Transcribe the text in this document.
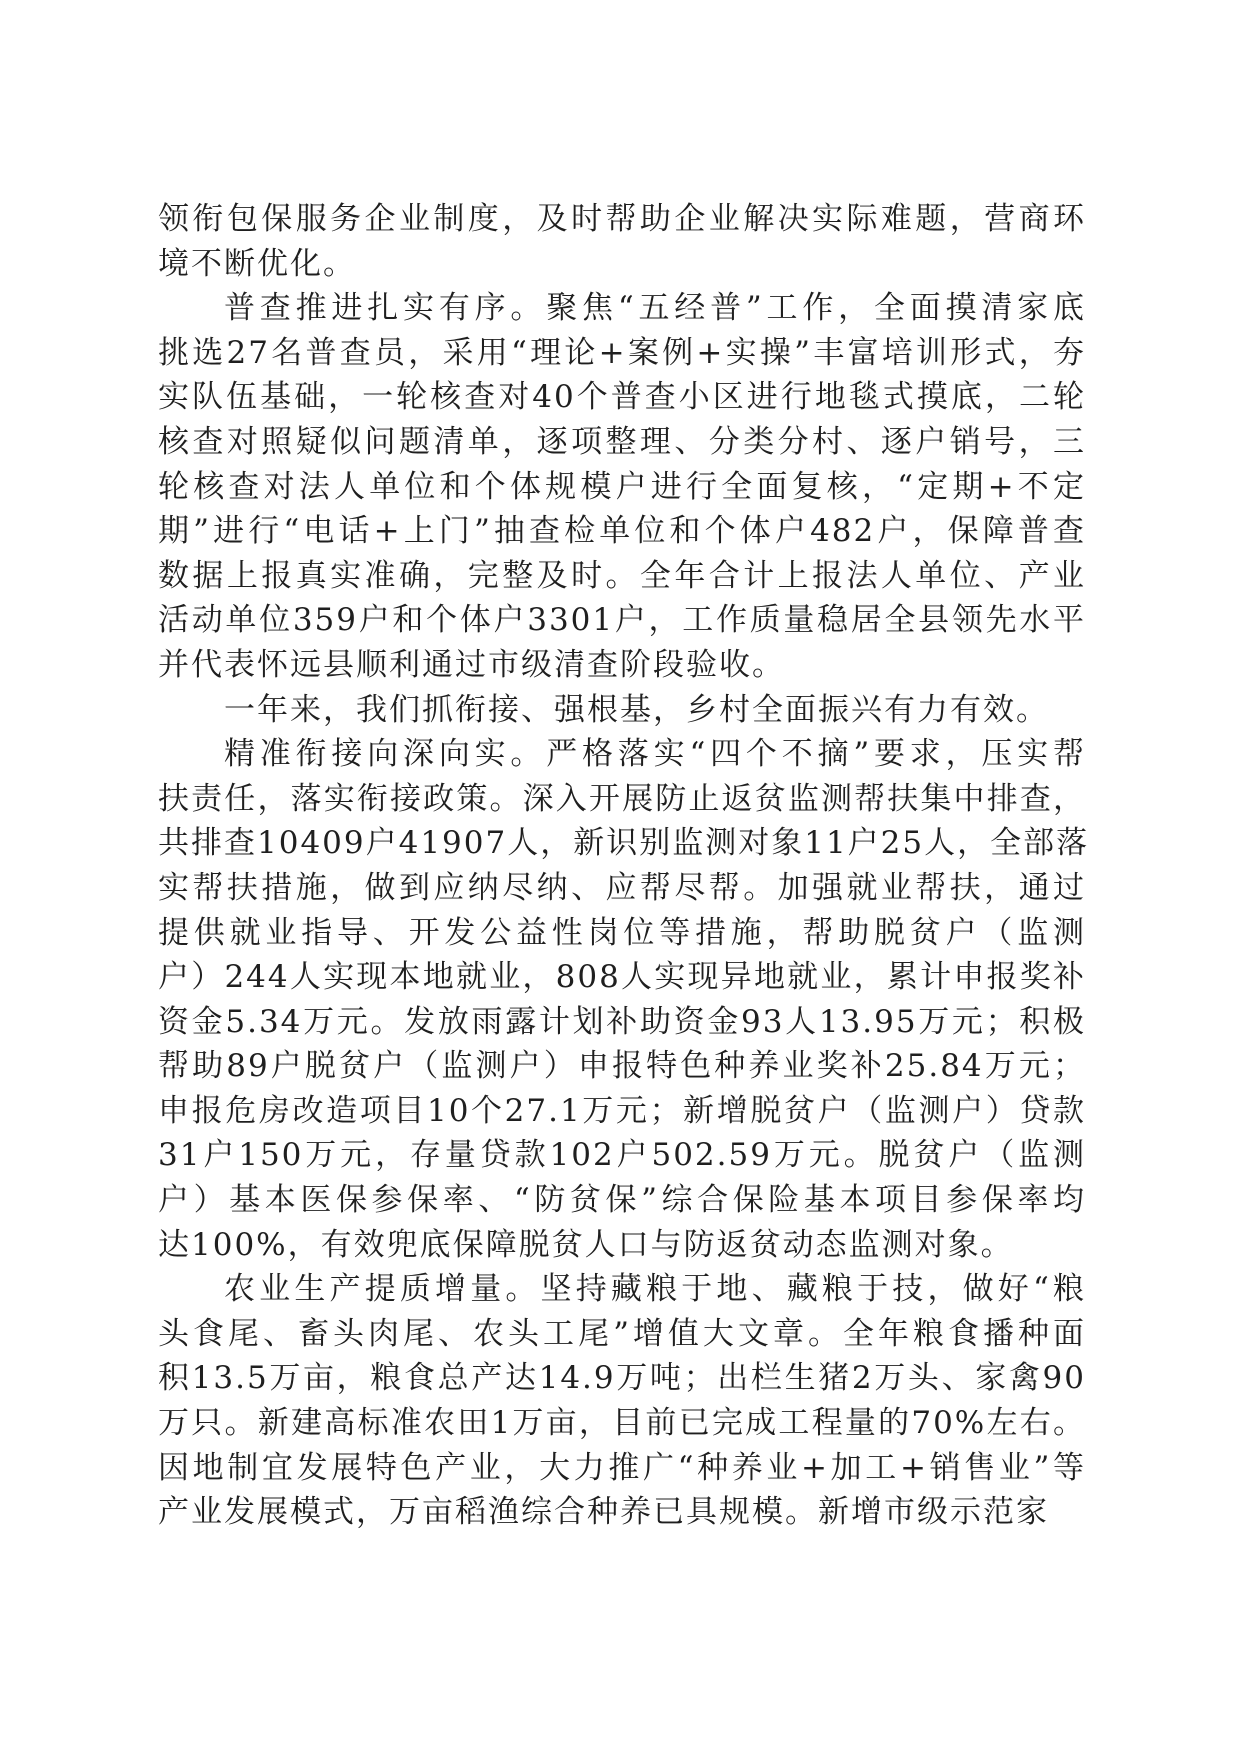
领衔包保服务企业制度，及时帮助企业解决实际难题，营商环
境不断优化。
普查推进扎实有序。聚焦“五经普”工作，全面摸清家底
挑选27名普查员，采用“理论+案例+实操”丰富培训形式，夯
实队伍基础，一轮核查对40个普查小区进行地毯式摸底，二轮
核查对照疑似问题清单，逐项整理、分类分村、逐户销号，三
轮核查对法人单位和个体规模户进行全面复核，“定期+不定
期”进行“电话+上门”抽查检单位和个体户482户，保障普查
数据上报真实准确，完整及时。全年合计上报法人单位、产业
活动单位359户和个体户3301户，工作质量稳居全县领先水平
并代表怀远县顺利通过市级清查阶段验收。
一年来，我们抓衔接、强根基，乡村全面振兴有力有效。
精准衔接向深向实。严格落实“四个不摘”要求，压实帮
扶责任，落实衔接政策。深入开展防止返贫监测帮扶集中排查，
共排查10409户41907人，新识别监测对象11户25人，全部落
实帮扶措施，做到应纳尽纳、应帮尽帮。加强就业帮扶，通过
提供就业指导、开发公益性岗位等措施，帮助脱贫户（监测
户）244人实现本地就业，808人实现异地就业，累计申报奖补
资金5.34万元。发放雨露计划补助资金93人13.95万元；积极
帮助89户脱贫户（监测户）申报特色种养业奖补25.84万元；
申报危房改造项目10个27.1万元；新增脱贫户（监测户）贷款
31户150万元，存量贷款102户502.59万元。脱贫户（监测
户）基本医保参保率、“防贫保”综合保险基本项目参保率均
达100%，有效兜底保障脱贫人口与防返贫动态监测对象。
农业生产提质增量。坚持藏粮于地、藏粮于技，做好“粮
头食尾、畜头肉尾、农头工尾”增值大文章。全年粮食播种面
积13.5万亩，粮食总产达14.9万吨；出栏生猪2万头、家禽90
万只。新建高标准农田1万亩，目前已完成工程量的70%左右。
因地制宜发展特色产业，大力推广“种养业+加工+销售业”等
产业发展模式，万亩稻渔综合种养已具规模。新增市级示范家
